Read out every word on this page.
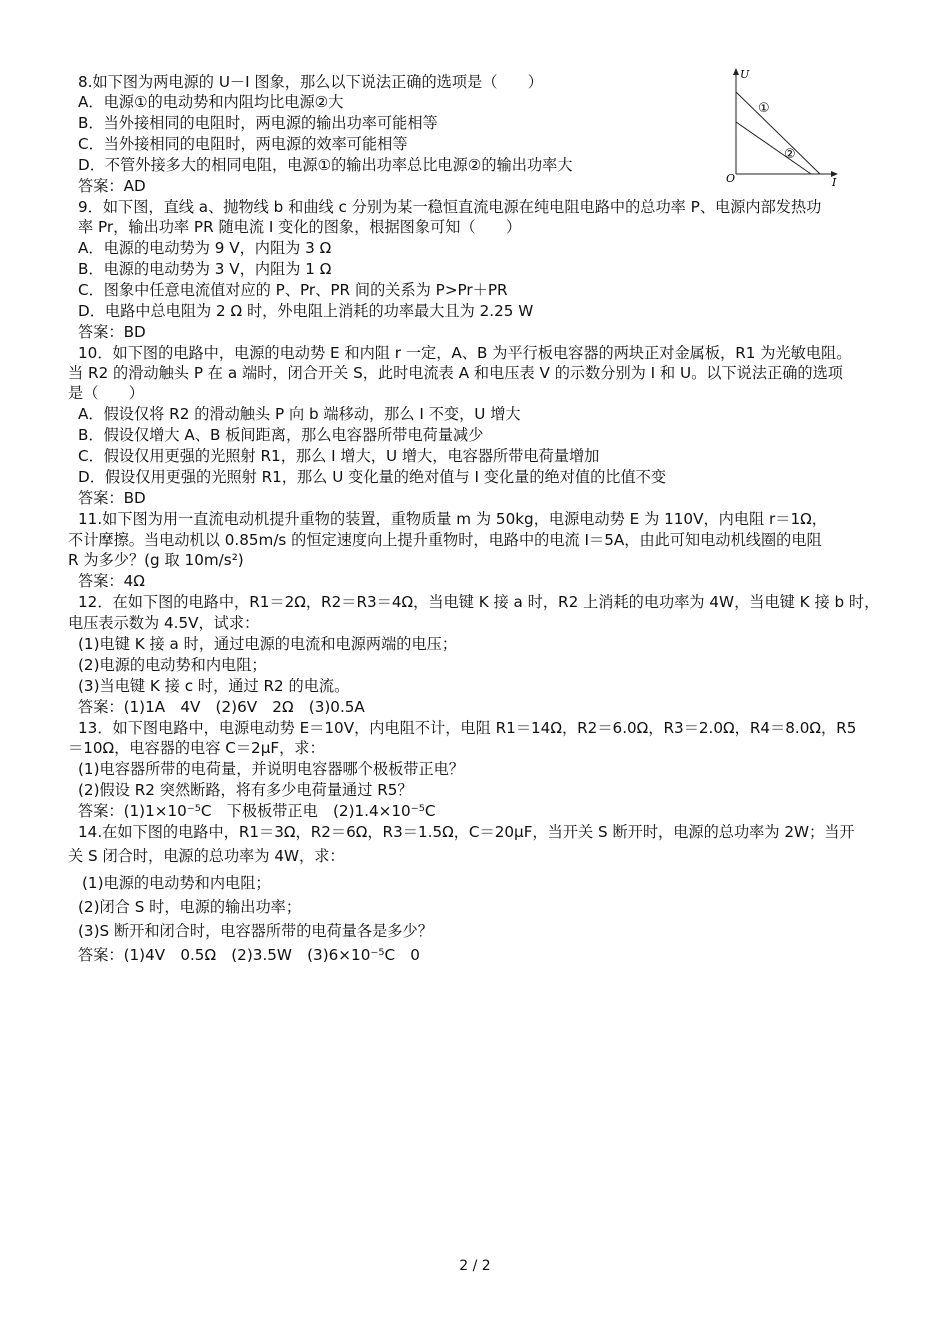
8.如下图为两电源的 U－I 图象，那么以下说法正确的选项是（　　）
A．电源①的电动势和内阻均比电源②大
B．当外接相同的电阻时，两电源的输出功率可能相等
C．当外接相同的电阻时，两电源的效率可能相等
D．不管外接多大的相同电阻，电源①的输出功率总比电源②的输出功率大
答案：AD
9．如下图，直线 a、抛物线 b 和曲线 c 分别为某一稳恒直流电源在纯电阻电路中的总功率 P、电源内部发热功
率 Pr，输出功率 PR 随电流 I 变化的图象，根据图象可知（　　）
A．电源的电动势为 9 V，内阻为 3 Ω
B．电源的电动势为 3 V，内阻为 1 Ω
C．图象中任意电流值对应的 P、Pr、PR 间的关系为 P>Pr＋PR
D．电路中总电阻为 2 Ω 时，外电阻上消耗的功率最大且为 2.25 W
答案：BD
10．如下图的电路中，电源的电动势 E 和内阻 r 一定，A、B 为平行板电容器的两块正对金属板，R1 为光敏电阻。
当 R2 的滑动触头 P 在 a 端时，闭合开关 S，此时电流表 A 和电压表 V 的示数分别为 I 和 U。以下说法正确的选项
是（　　）
A．假设仅将 R2 的滑动触头 P 向 b 端移动，那么 I 不变，U 增大
B．假设仅增大 A、B 板间距离，那么电容器所带电荷量减少
C．假设仅用更强的光照射 R1，那么 I 增大，U 增大，电容器所带电荷量增加
D．假设仅用更强的光照射 R1，那么 U 变化量的绝对值与 I 变化量的绝对值的比值不变
答案：BD
11.如下图为用一直流电动机提升重物的装置，重物质量 m 为 50kg，电源电动势 E 为 110V，内电阻 r＝1Ω，
不计摩擦。当电动机以 0.85m/s 的恒定速度向上提升重物时，电路中的电流 I＝5A，由此可知电动机线圈的电阻
R 为多少？(g 取 10m/s²)
答案：4Ω
12．在如下图的电路中，R1＝2Ω，R2＝R3＝4Ω，当电键 K 接 a 时，R2 上消耗的电功率为 4W，当电键 K 接 b 时，
电压表示数为 4.5V，试求：
(1)电键 K 接 a 时，通过电源的电流和电源两端的电压；
(2)电源的电动势和内电阻；
(3)当电键 K 接 c 时，通过 R2 的电流。
答案：(1)1A　4V　(2)6V　2Ω　(3)0.5A
13．如下图电路中，电源电动势 E＝10V，内电阻不计，电阻 R1＝14Ω，R2＝6.0Ω，R3＝2.0Ω，R4＝8.0Ω，R5
＝10Ω，电容器的电容 C＝2μF，求：
(1)电容器所带的电荷量，并说明电容器哪个极板带正电？
(2)假设 R2 突然断路，将有多少电荷量通过 R5？
答案：(1)1×10⁻⁵C　下极板带正电　(2)1.4×10⁻⁵C
14.在如下图的电路中，R1＝3Ω，R2＝6Ω，R3＝1.5Ω，C＝20μF，当开关 S 断开时，电源的总功率为 2W；当开
关 S 闭合时，电源的总功率为 4W，求：
(1)电源的电动势和内电阻；
(2)闭合 S 时，电源的输出功率；
(3)S 断开和闭合时，电容器所带的电荷量各是多少？
答案：(1)4V　0.5Ω　(2)3.5W　(3)6×10⁻⁵C　0
U
I
O
①
②
2 / 2
